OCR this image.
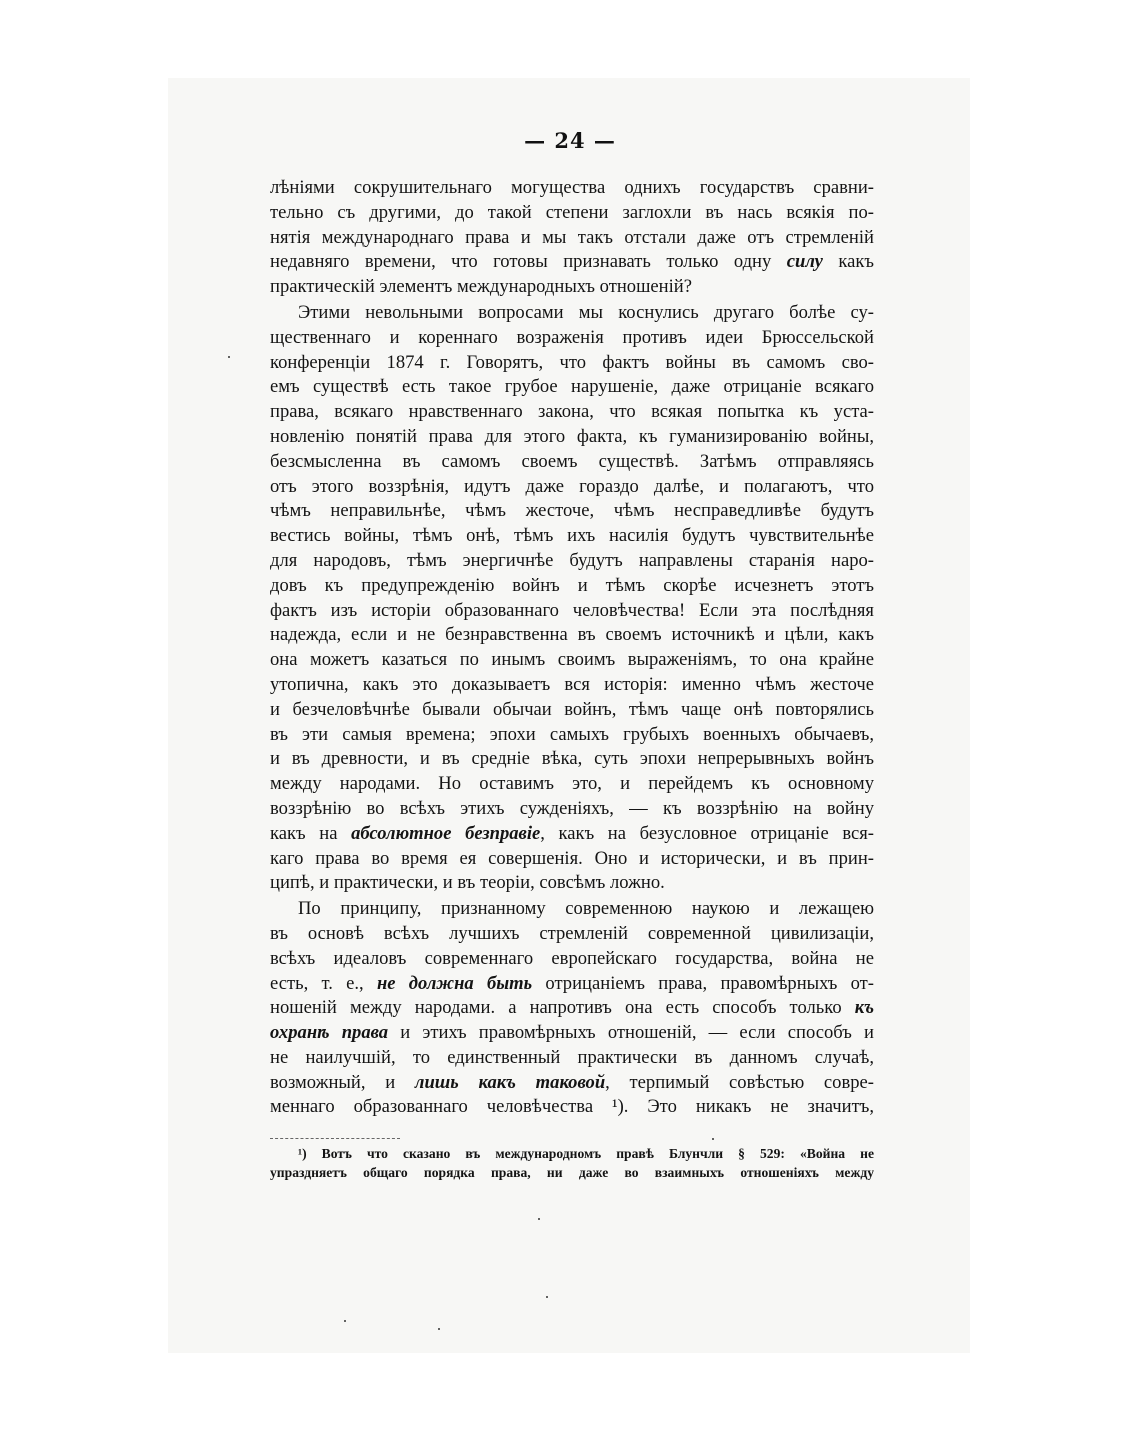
— 24 —
лѣніями сокрушительнаго могущества однихъ государствъ сравни-
тельно съ другими, до такой степени заглохли въ нась всякія по-
нятія международнаго права и мы такъ отстали даже отъ стремленій
недавняго времени, что готовы признавать только одну силу какъ
практическій элементъ международныхъ отношеній?
Этими невольными вопросами мы коснулись другаго болѣе су-
щественнаго и кореннаго возраженія противъ идеи Брюссельской
конференціи 1874 г. Говорятъ, что фактъ войны въ самомъ сво-
емъ существѣ есть такое грубое нарушеніе, даже отрицаніе всякаго
права, всякаго нравственнаго закона, что всякая попытка къ уста-
новленію понятій права для этого факта, къ гуманизированію войны,
безсмысленна въ самомъ своемъ существѣ. Затѣмъ отправляясь
отъ этого воззрѣнія, идутъ даже гораздо далѣе, и полагаютъ, что
чѣмъ неправильнѣе, чѣмъ жесточе, чѣмъ несправедливѣе будутъ
вестись войны, тѣмъ онѣ, тѣмъ ихъ насилія будутъ чувствительнѣе
для народовъ, тѣмъ энергичнѣе будутъ направлены старанія наро-
довъ къ предупрежденію войнъ и тѣмъ скорѣе исчезнетъ этотъ
фактъ изъ исторіи образованнаго человѣчества! Если эта послѣдняя
надежда, если и не безнравственна въ своемъ источникѣ и цѣли, какъ
она можетъ казаться по инымъ своимъ выраженіямъ, то она крайне
утопична, какъ это доказываетъ вся исторія: именно чѣмъ жесточе
и безчеловѣчнѣе бывали обычаи войнъ, тѣмъ чаще онѣ повторялись
въ эти самыя времена; эпохи самыхъ грубыхъ военныхъ обычаевъ,
и въ древности, и въ средніе вѣка, суть эпохи непрерывныхъ войнъ
между народами. Но оставимъ это, и перейдемъ къ основному
воззрѣнію во всѣхъ этихъ сужденіяхъ, — къ воззрѣнію на войну
какъ на абсолютное безправіе, какъ на безусловное отрицаніе вся-
каго права во время ея совершенія. Оно и исторически, и въ прин-
ципѣ, и практически, и въ теоріи, совсѣмъ ложно.
По принципу, признанному современною наукою и лежащею
въ основѣ всѣхъ лучшихъ стремленій современной цивилизаціи,
всѣхъ идеаловъ современнаго европейскаго государства, война не
есть, т. е., не должна быть отрицаніемъ права, правомѣрныхъ от-
ношеній между народами. а напротивъ она есть способъ только къ
охранѣ права и этихъ правомѣрныхъ отношеній, — если способъ и
не наилучшій, то единственный практически въ данномъ случаѣ,
возможный, и лишь какъ таковой, терпимый совѣстью совре-
меннаго образованнаго человѣчества ¹). Это никакъ не значитъ,
¹) Вотъ что сказано въ международномъ правѣ Блунчли § 529: «Война не
упраздняетъ общаго порядка права, ни даже во взаимныхъ отношеніяхъ между
